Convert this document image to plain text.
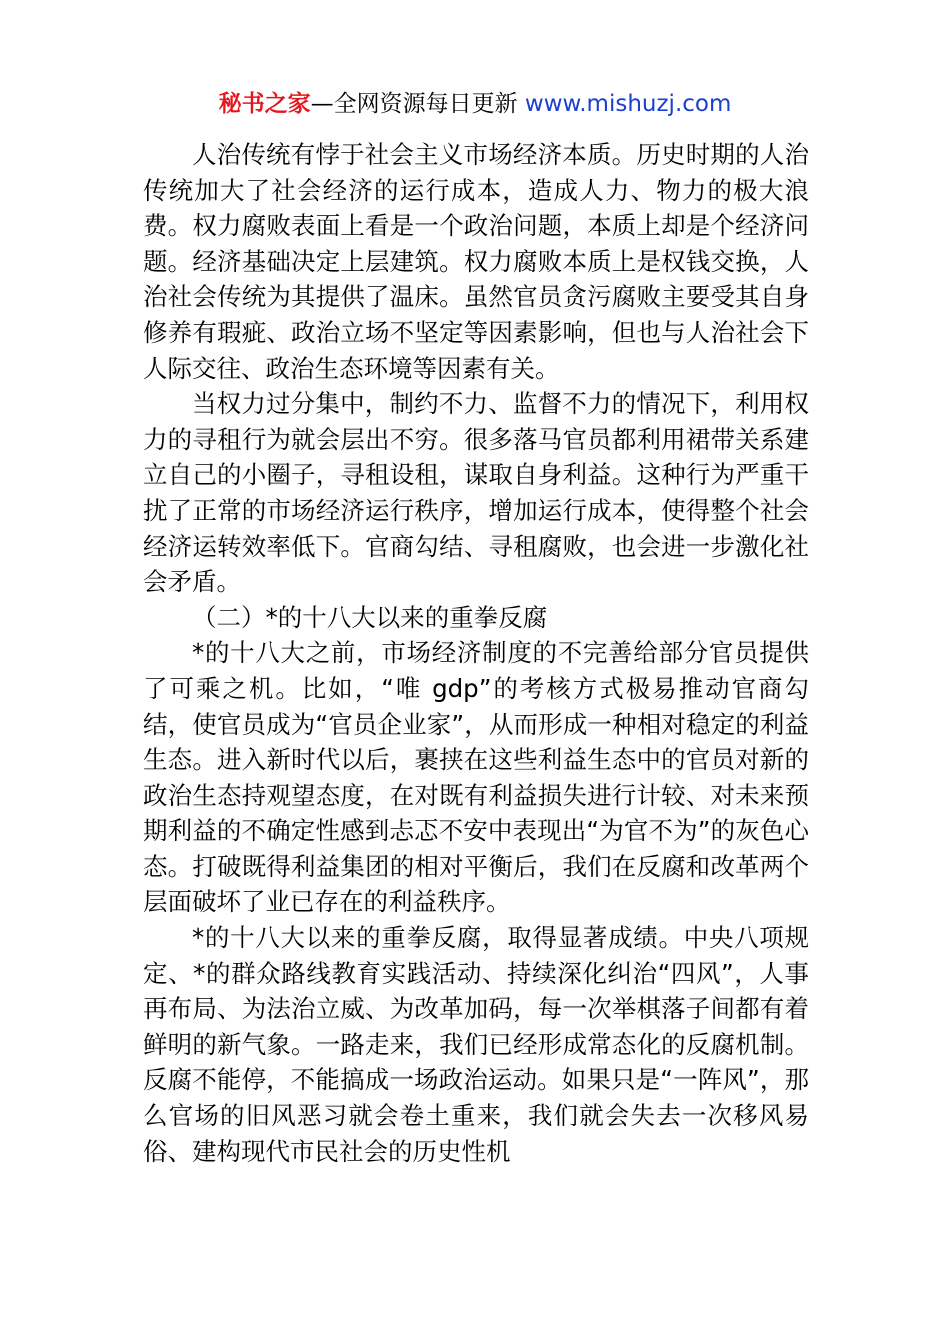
秘书之家—全网资源每日更新 www.mishuzj.com

人治传统有悖于社会主义市场经济本质。历史时期的人治传统加大了社会经济的运行成本，造成人力、物力的极大浪费。权力腐败表面上看是一个政治问题，本质上却是个经济问题。经济基础决定上层建筑。权力腐败本质上是权钱交换，人治社会传统为其提供了温床。虽然官员贪污腐败主要受其自身修养有瑕疵、政治立场不坚定等因素影响，但也与人治社会下人际交往、政治生态环境等因素有关。

当权力过分集中，制约不力、监督不力的情况下，利用权力的寻租行为就会层出不穷。很多落马官员都利用裙带关系建立自己的小圈子，寻租设租，谋取自身利益。这种行为严重干扰了正常的市场经济运行秩序，增加运行成本，使得整个社会经济运转效率低下。官商勾结、寻租腐败，也会进一步激化社会矛盾。

（二）*的十八大以来的重拳反腐

*的十八大之前，市场经济制度的不完善给部分官员提供了可乘之机。比如，“唯 gdp”的考核方式极易推动官商勾结，使官员成为“官员企业家”，从而形成一种相对稳定的利益生态。进入新时代以后，裹挟在这些利益生态中的官员对新的政治生态持观望态度，在对既有利益损失进行计较、对未来预期利益的不确定性感到忐忑不安中表现出“为官不为”的灰色心态。打破既得利益集团的相对平衡后，我们在反腐和改革两个层面破坏了业已存在的利益秩序。

*的十八大以来的重拳反腐，取得显著成绩。中央八项规定、*的群众路线教育实践活动、持续深化纠治“四风”，人事再布局、为法治立威、为改革加码，每一次举棋落子间都有着鲜明的新气象。一路走来，我们已经形成常态化的反腐机制。反腐不能停，不能搞成一场政治运动。如果只是“一阵风”，那么官场的旧风恶习就会卷土重来，我们就会失去一次移风易俗、建构现代市民社会的历史性机
